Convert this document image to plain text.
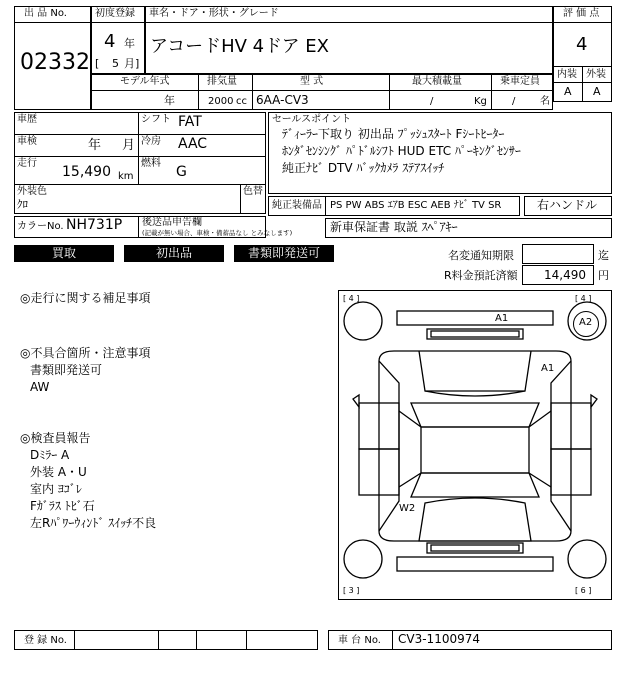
出 品 No.
02332
初度登録
4 年
[ 5 月]
車名・ドア・形状・グレード
アコードHV 4ドア EX
評 価 点
4
内装 外装
A A
モデル年式
年
排気量
2000 cc
型 式
6AA-CV3
最大積載量
/	Kg
乗車定員
/ 名
車歴
車検	年 月
走行
15,490 km
シフト FAT
冷房 AAC
燃料
G
外装色
ｸﾛ
色替
カラーNo. NH731P 後送品申告欄
(記載が無い場合、車検・備蓄品なし とみなします)
セールスポイント
ﾃﾞｨｰﾗｰ下取り 初出品 ﾌﾟｯｼｭｽﾀｰﾄ Fｼｰﾄﾋｰﾀｰ
ﾎﾝﾀﾞｾﾝｼﾝｸﾞ ﾊﾟﾄﾞﾙｼﾌﾄ HUD ETC ﾊﾟｰｷﾝｸﾞｾﾝｻｰ
純正ﾅﾋﾞ DTV ﾊﾞｯｸｶﾒﾗ ｽﾃｱｽｲｯﾁ
純正装備品 PS PW ABS ｴｱB ESC AEB ﾅﾋﾞ TV SR	右ハンドル
新車保証書 取説 ｽﾍﾟｱｷｰ
買取	初出品	書類即発送可	名変通知期限	迄
R料金預託済額 14,490 円
◎走行に関する補足事項
◎不具合箇所・注意事項
書類即発送可
AW
◎検査員報告
Dﾐﾗｰ A
外装 A・U
室内 ﾖｺﾞﾚ
Fｶﾞﾗｽ ﾄﾋﾞ石
左Rﾊﾟﾜｰｳｨﾝﾄﾞ ｽｲｯﾁ不良
[ 4 ]	[ 4 ]
[ 3 ]	[ 6 ]
A1	A2
A1
W2
登 録 No.	車 台 No. CV3-1100974
